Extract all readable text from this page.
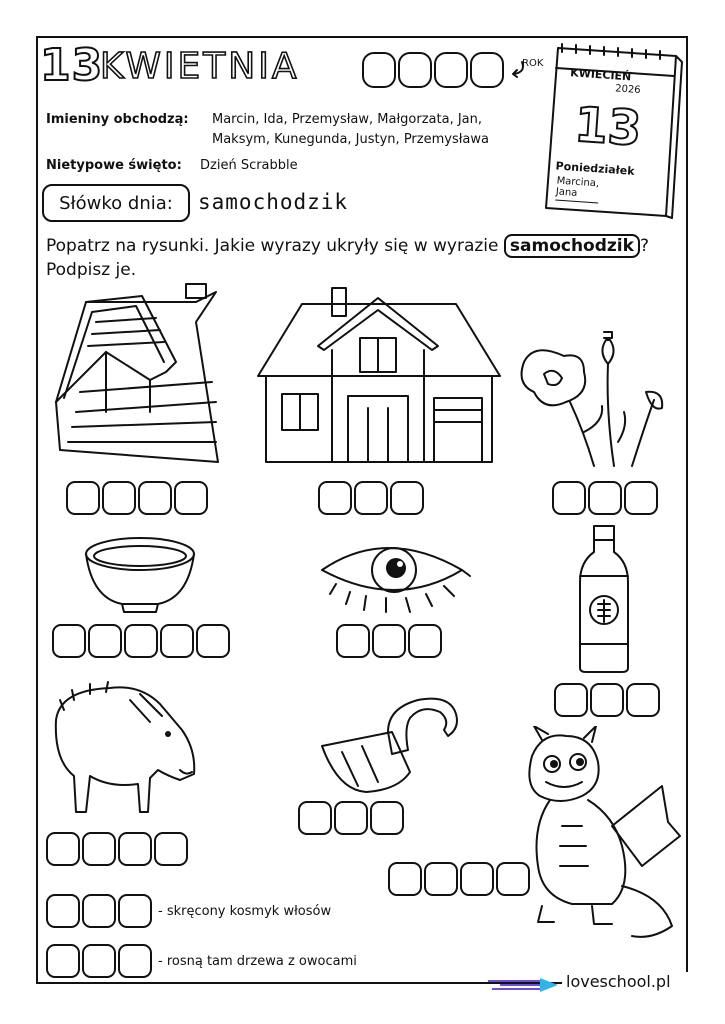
13
KWIETNIA	ROK
KWIECIEŃ
2026
13
Poniedziałek
Marcina, Jana
Imieniny obchodzą: Marcin, Ida, Przemysław, Małgorzata, Jan,
Maksym, Kunegunda, Justyn, Przemysława
Nietypowe święto: Dzień Scrabble
Słówko dnia:	samochodzik
Popatrz na rysunki. Jakie wyrazy ukryły się w wyrazie samochodzik ?
Podpisz je.
- skręcony kosmyk włosów
- rosną tam drzewa z owocami
loveschool.pl
